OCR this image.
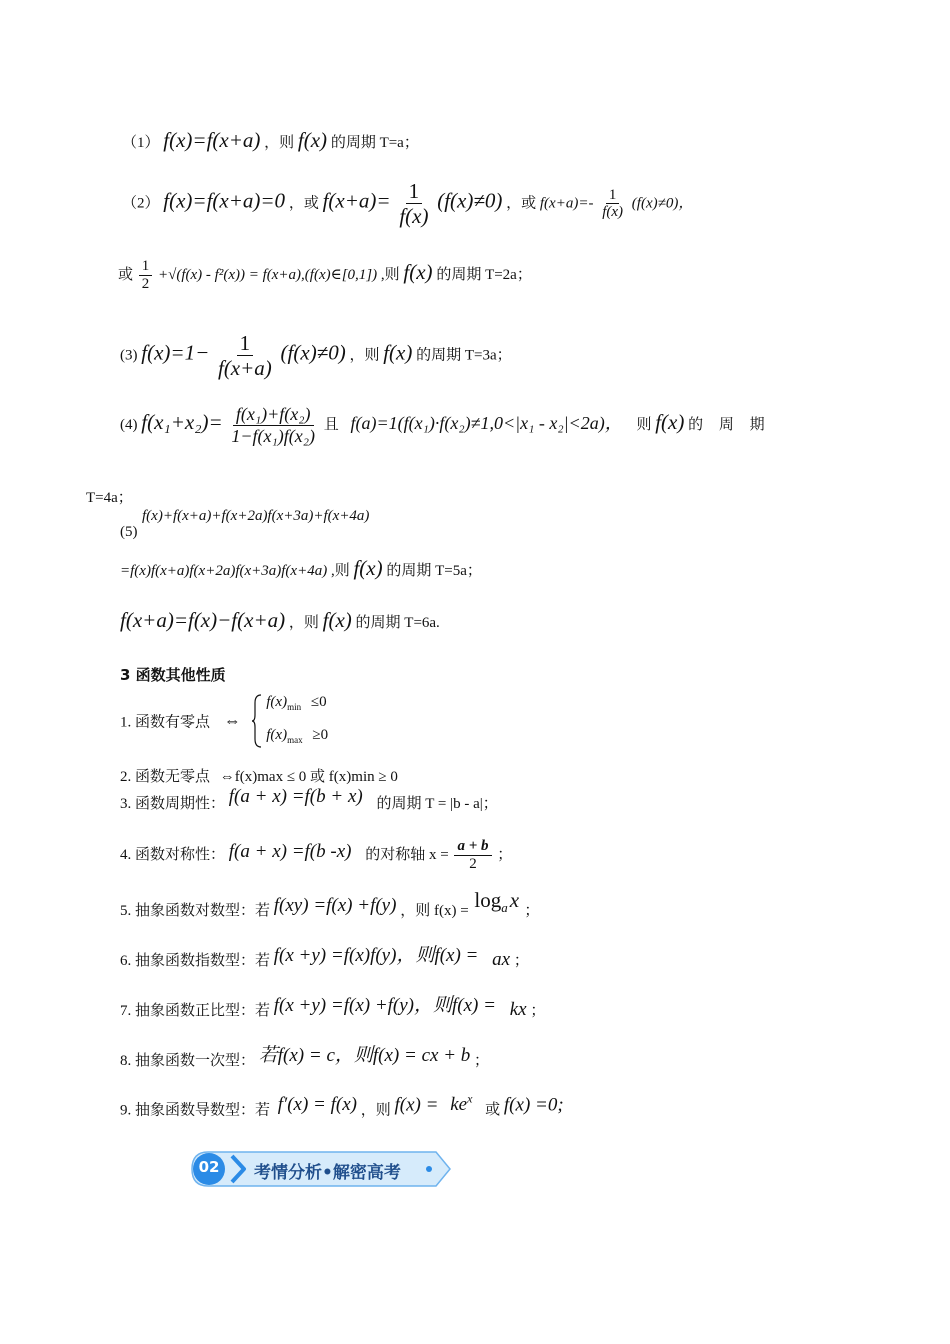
（1） f(x)=f(x+a) ，则 f(x) 的周期 T=a；
（2） f(x)=f(x+a)=0 ，或 $f(x+a)= \frac{1}{f(x)} (f(x)\ne 0)$ ，或 $f(x+a)=- \frac{1}{f(x)} (f(x)\ne 0)$，
或 $\frac{1}{2} +√(f(x) - f^2(x))$ = f(x+a),(f(x)∈[0,1]) ,则 f(x) 的周期 T=2a；
(3) $f(x)=1- \frac{1}{f(x+a)} (f(x)\ne 0)$ ，则 f(x) 的周期 T=3a；
(4) $f(x_1+x_2)= \frac{\text{f(x₁)+f(x₂)}}{\text{1−f(x₁)f(x₂)}}$ 且 f(a)=1(f(x₁)·f(x₂)≠1,0<|x₁ - x₂|<2a)， 则 f(x) 的 周 期
T=4a；
f(x)+f(x+a)+f(x+2a)f(x+3a)+f(x+4a)
(5)
=f(x)f(x+a)f(x+2a)f(x+3a)f(x+4a) ,则 f(x) 的周期 T=5a；
f(x+a)=f(x)−f(x+a) ，则 f(x) 的周期 T=6a.
3 函数其他性质
1. 函数有零点 ⇔  $f(x)_{min} \le 0$
$f(x)_{max} \ge 0$
2. 函数无零点 ⇔f(x)max ≤ 0 或 f(x)min ≥ 0
3. 函数周期性： f(a + x) =f(b + x) 的周期 T = |b - a|；
4. 函数对称性： f(a + x) =f(b -x) 的对称轴 $x = \frac{a + b}{2}$ ；
5. 抽象函数对数型：若 f(xy) =f(x) +f(y) ，则 $f(x) = \log_ax$ ；
6. 抽象函数指数型：若 f(x +y) =f(x)f(y)，则f(x) = ax ；
7. 抽象函数正比型：若 f(x +y) =f(x) +f(y)，则f(x) = kx ；
8. 抽象函数一次型： 若f(x) = c，则f(x) = cx + b ；
9. 抽象函数导数型：若 f′(x) = f(x) ，则 $f(x) = ke^x$ 或 f(x) =0;
02 考情分析•解密高考
